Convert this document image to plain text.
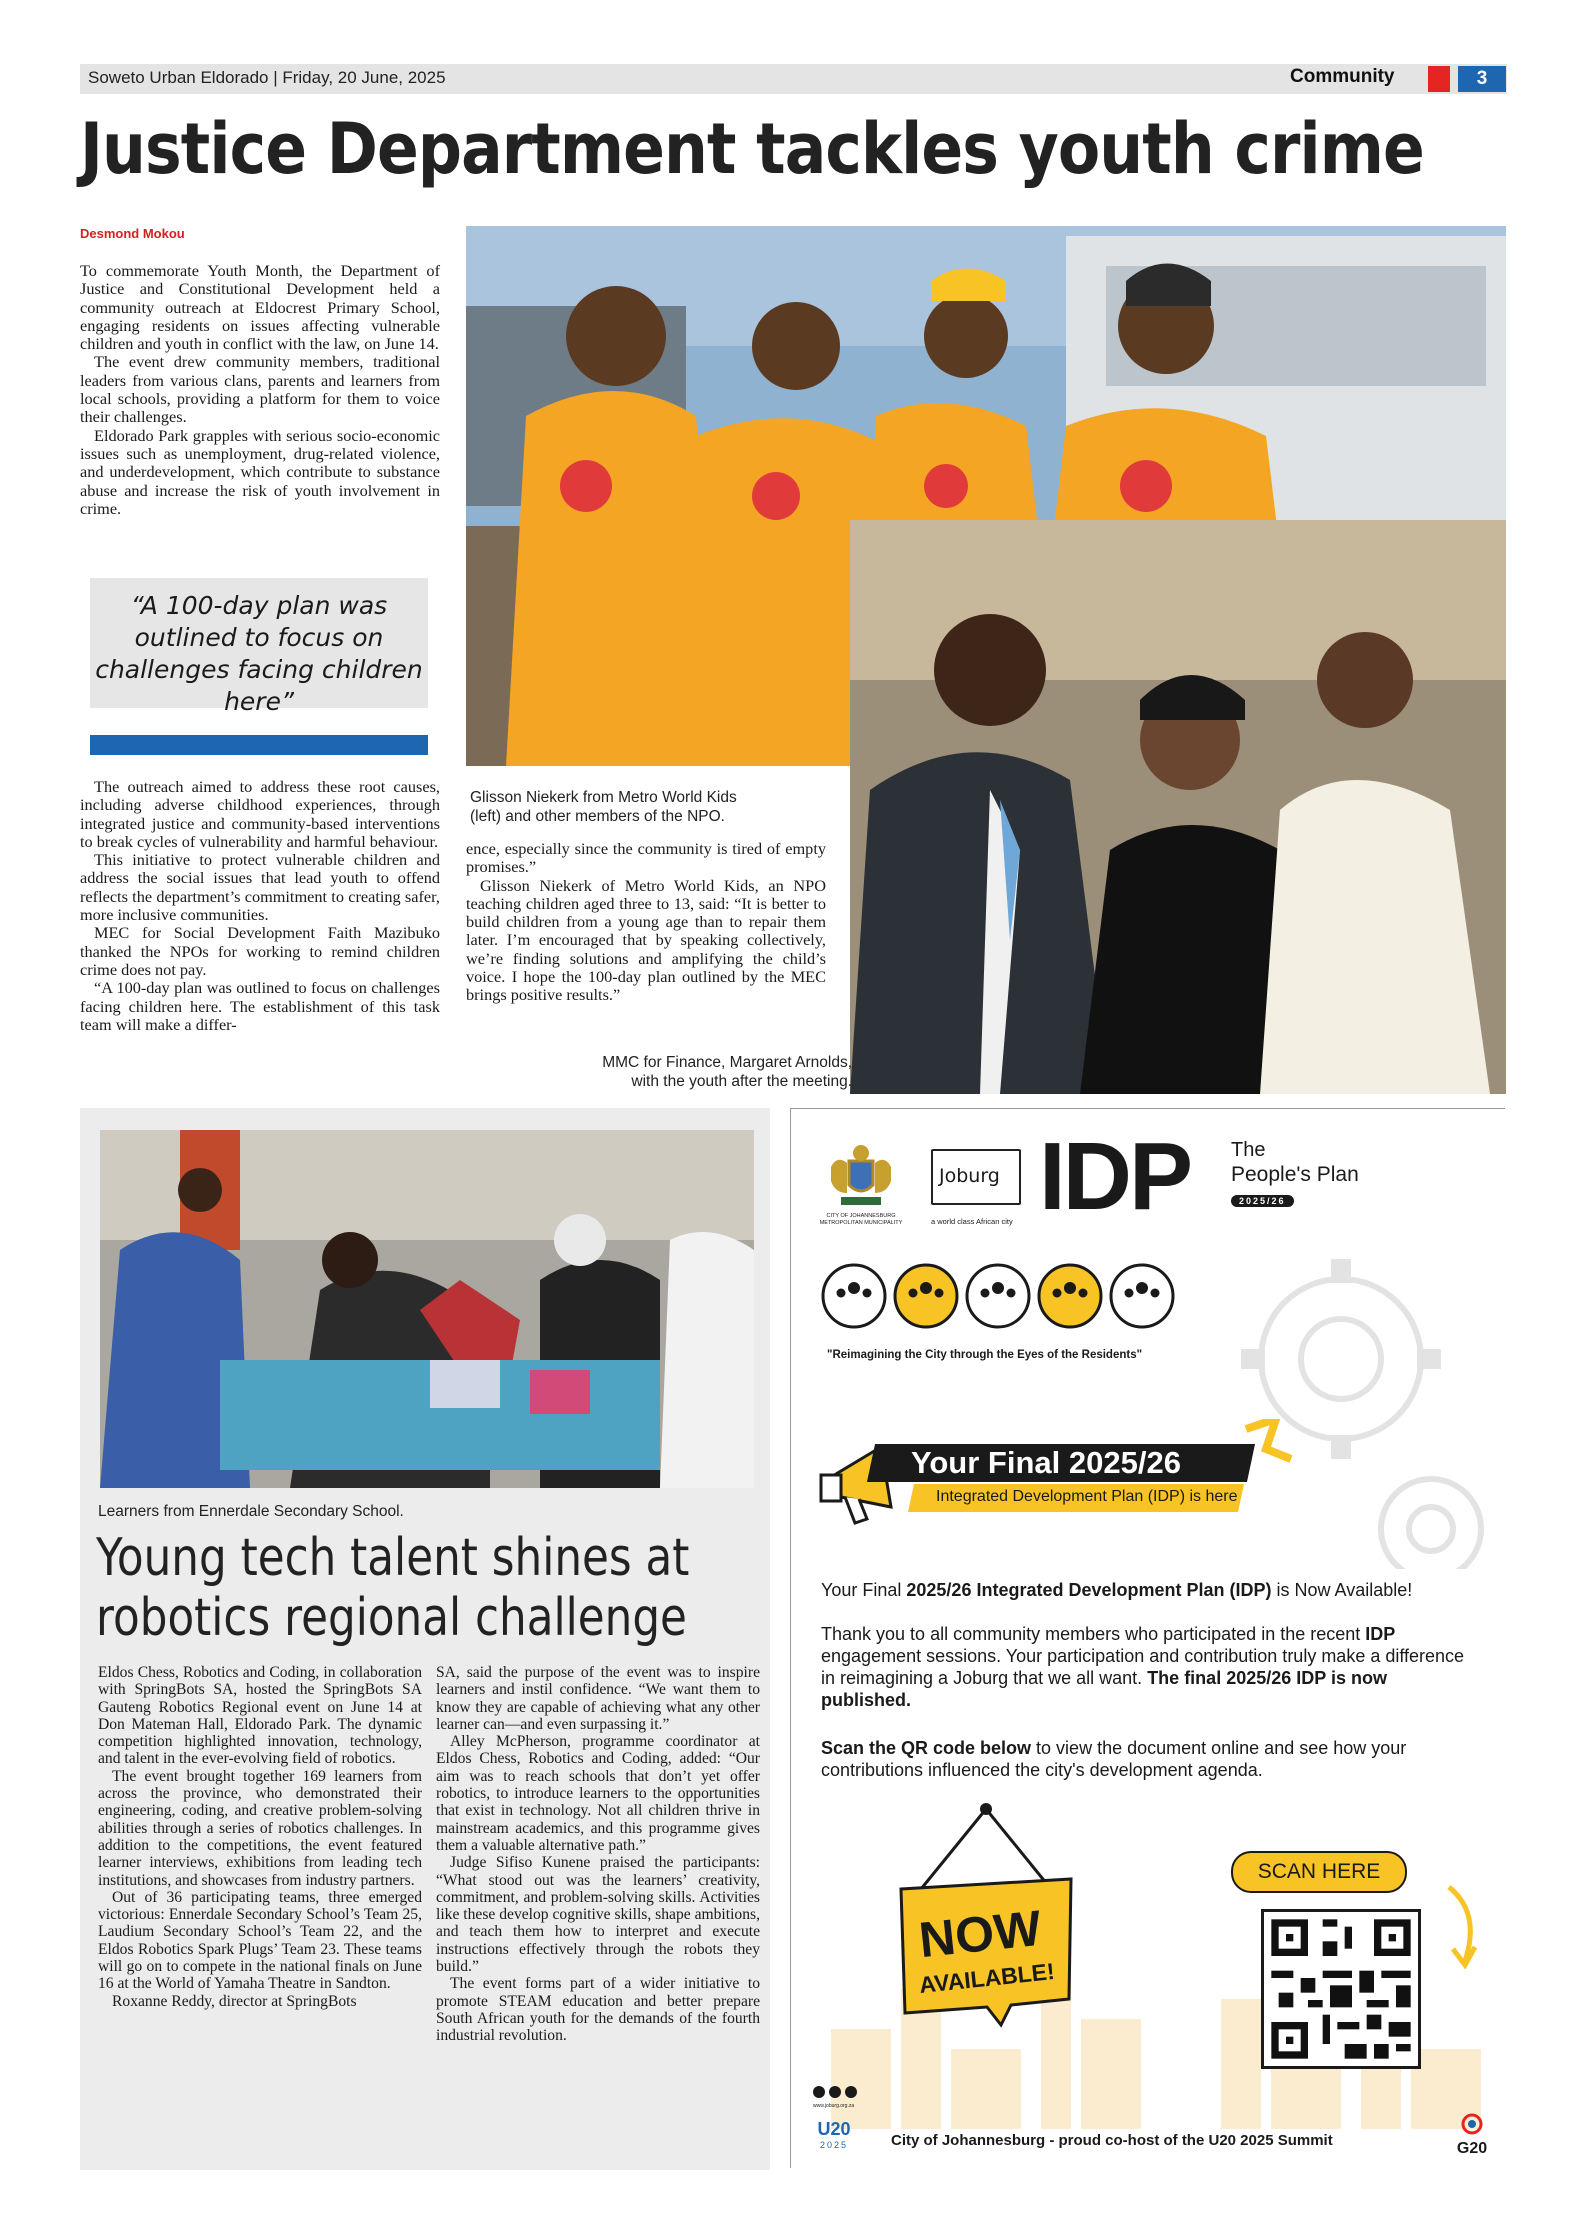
Soweto Urban Eldorado | Friday, 20 June, 2025	Community	3
Justice Department tackles youth crime
Desmond Mokou

To commemorate Youth Month, the Department of Justice and Constitutional Development held a community outreach at Eldocrest Primary School, engaging residents on issues affecting vulnerable children and youth in conflict with the law, on June 14.

The event drew community members, traditional leaders from various clans, parents and learners from local schools, providing a platform for them to voice their challenges.

Eldorado Park grapples with serious socio-economic issues such as unemployment, drug-related violence, and underdevelopment, which contribute to substance abuse and increase the risk of youth involvement in crime.

“A 100-day plan was outlined to focus on challenges facing children here”

The outreach aimed to address these root causes, including adverse childhood experiences, through integrated justice and community-based interventions to break cycles of vulnerability and harmful behaviour.

This initiative to protect vulnerable children and address the social issues that lead youth to offend reflects the department’s commitment to creating safer, more inclusive communities.

MEC for Social Development Faith Mazibuko thanked the NPOs for working to remind children crime does not pay.

“A 100-day plan was outlined to focus on challenges facing children here. The establishment of this task team will make a differ-

Glisson Niekerk from Metro World Kids (left) and other members of the NPO.

ence, especially since the community is tired of empty promises.”

Glisson Niekerk of Metro World Kids, an NPO teaching children aged three to 13, said: “It is better to build children from a young age than to repair them later. I’m encouraged that by speaking collectively, we’re finding solutions and amplifying the child’s voice. I hope the 100-day plan outlined by the MEC brings positive results.”

MMC for Finance, Margaret Arnolds, with the youth after the meeting.
Learners from Ennerdale Secondary School.
Young tech talent shines at
robotics regional challenge

Eldos Chess, Robotics and Coding, in collaboration with SpringBots SA, hosted the SpringBots SA Gauteng Robotics Regional event on June 14 at Don Mateman Hall, Eldorado Park. The dynamic competition highlighted innovation, technology, and talent in the ever-evolving field of robotics.

The event brought together 169 learners from across the province, who demonstrated their engineering, coding, and creative problem-solving abilities through a series of robotics challenges. In addition to the competitions, the event featured learner interviews, exhibitions from leading tech institutions, and showcases from industry partners.

Out of 36 participating teams, three emerged victorious: Ennerdale Secondary School’s Team 25, Laudium Secondary School’s Team 22, and the Eldos Robotics Spark Plugs’ Team 23. These teams will go on to compete in the national finals on June 16 at the World of Yamaha Theatre in Sandton.

Roxanne Reddy, director at SpringBots

SA, said the purpose of the event was to inspire learners and instil confidence. “We want them to know they are capable of achieving what any other learner can—and even surpassing it.”

Alley McPherson, programme coordinator at Eldos Chess, Robotics and Coding, added: “Our aim was to reach schools that don’t yet offer robotics, to introduce learners to the opportunities that exist in technology. Not all children thrive in mainstream academics, and this programme gives them a valuable alternative path.”

Judge Sifiso Kunene praised the participants: “What stood out was the learners’ creativity, commitment, and problem-solving skills. Activities like these develop cognitive skills, shape ambitions, and teach them how to interpret and execute instructions effectively through the robots they build.”

The event forms part of a wider initiative to promote STEAM education and better prepare South African youth for the demands of the fourth industrial revolution.

CITY OF JOHANNESBURG
METROPOLITAN MUNICIPALITY
Joburg
a world class African city IDP The
People's Plan
2025/26
"Reimagining the City through the Eyes of the Residents"
Your Final 2025/26
Integrated Development Plan (IDP) is here
Your Final 2025/26 Integrated Development Plan (IDP) is Now Available!
Thank you to all community members who participated in the recent IDP engagement sessions. Your participation and contribution truly make a difference in reimagining a Joburg that we all want. The final 2025/26 IDP is now published.
Scan the QR code below to view the document online and see how your contributions influenced the city's development agenda.
NOW
AVAILABLE!
SCAN HERE

www.joburg.org.za
U20
2025	City of Johannesburg - proud co-host of the U20 2025 Summit	G20
